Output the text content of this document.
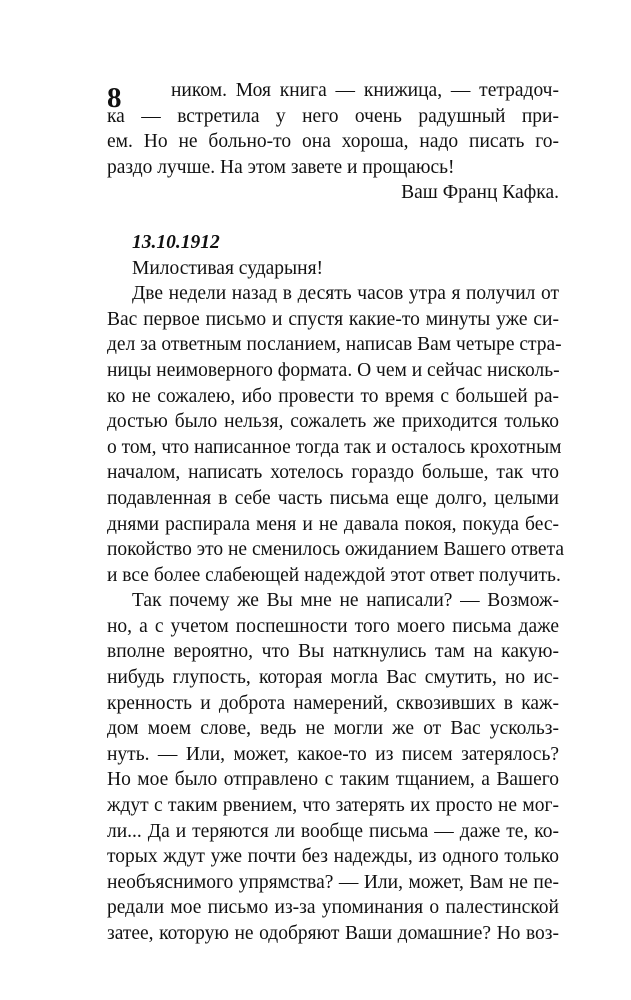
8	ником. Моя книга — книжица, — тетрадоч-
ка — встретила у него очень радушный при-
ем. Но не больно-то она хороша, надо писать го-
раздо лучше. На этом завете и прощаюсь!
Ваш Франц Кафка.
13.10.1912
Милостивая сударыня!
Две недели назад в десять часов утра я получил от
Вас первое письмо и спустя какие-то минуты уже си-
дел за ответным посланием, написав Вам четыре стра-
ницы неимоверного формата. О чем и сейчас нисколь-
ко не сожалею, ибо провести то время с большей ра-
достью было нельзя, сожалеть же приходится только
о том, что написанное тогда так и осталось крохотным
началом, написать хотелось гораздо больше, так что
подавленная в себе часть письма еще долго, целыми
днями распирала меня и не давала покоя, покуда бес-
покойство это не сменилось ожиданием Вашего ответа
и все более слабеющей надеждой этот ответ получить.
Так почему же Вы мне не написали? — Возмож-
но, а с учетом поспешности того моего письма даже
вполне вероятно, что Вы наткнулись там на какую-
нибудь глупость, которая могла Вас смутить, но ис-
кренность и доброта намерений, сквозивших в каж-
дом моем слове, ведь не могли же от Вас ускольз-
нуть. — Или, может, какое-то из писем затерялось?
Но мое было отправлено с таким тщанием, а Вашего
ждут с таким рвением, что затерять их просто не мог-
ли... Да и теряются ли вообще письма — даже те, ко-
торых ждут уже почти без надежды, из одного только
необъяснимого упрямства? — Или, может, Вам не пе-
редали мое письмо из-за упоминания о палестинской
затее, которую не одобряют Ваши домашние? Но воз-
